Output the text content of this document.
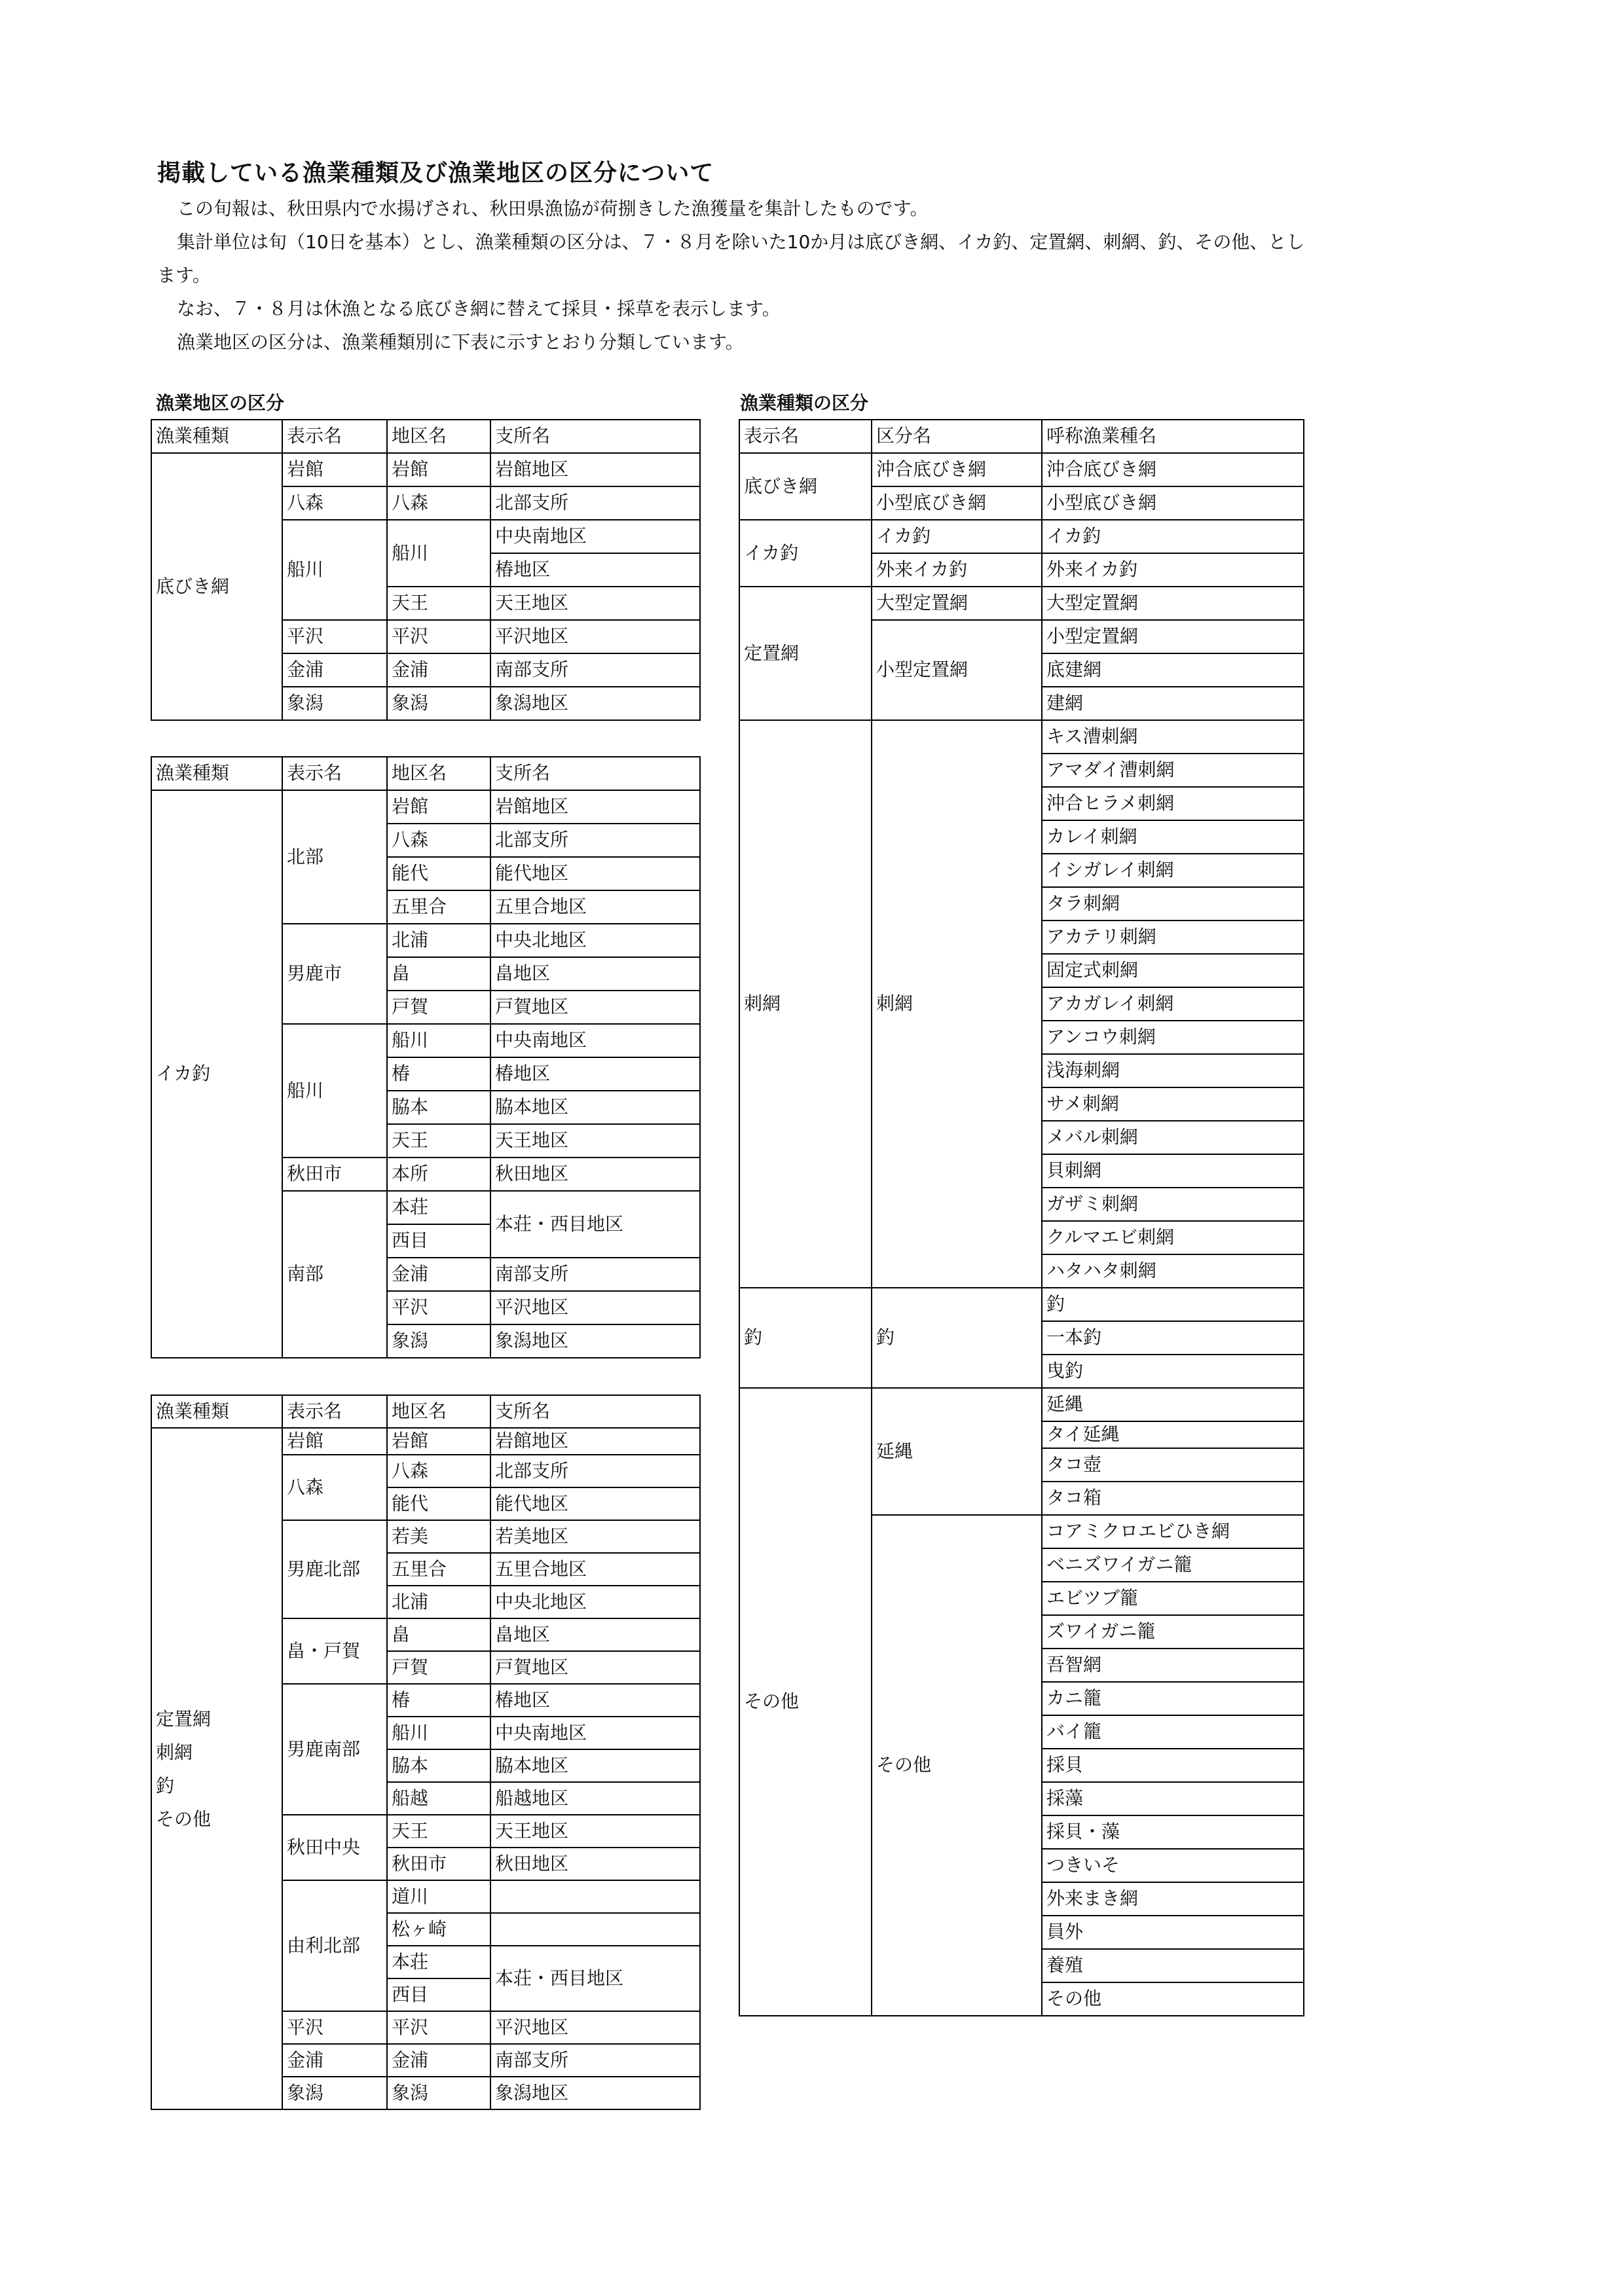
掲載している漁業種類及び漁業地区の区分について

この旬報は、秋田県内で水揚げされ、秋田県漁協が荷捌きした漁獲量を集計したものです。

集計単位は旬（10日を基本）とし、漁業種類の区分は、７・８月を除いた10か月は底びき網、イカ釣、定置網、刺網、釣、その他、とします。

なお、７・８月は休漁となる底びき網に替えて採貝・採草を表示します。

漁業地区の区分は、漁業種類別に下表に示すとおり分類しています。

漁業地区の区分	漁業種類の区分
漁業種類	表示名	地区名	支所名
底びき網	岩館	岩館	岩館地区
	八森	八森	北部支所
	船川	船川	中央南地区
			椿地区
		天王	天王地区
	平沢	平沢	平沢地区
	金浦	金浦	南部支所
	象潟	象潟	象潟地区
漁業種類	表示名	地区名	支所名
イカ釣	北部	岩館	岩館地区
		八森	北部支所
		能代	能代地区
		五里合	五里合地区
	男鹿市	北浦	中央北地区
		畠	畠地区
		戸賀	戸賀地区
	船川	船川	中央南地区
		椿	椿地区
		脇本	脇本地区
		天王	天王地区
	秋田市	本所	秋田地区
	南部	本荘	本荘・西目地区
		西目	
		金浦	南部支所
		平沢	平沢地区
		象潟	象潟地区
漁業種類	表示名	地区名	支所名

定置網
刺網
釣
その他	岩館	岩館	岩館地区
	八森	八森	北部支所
		能代	能代地区
	男鹿北部	若美	若美地区
		五里合	五里合地区
		北浦	中央北地区
	畠・戸賀	畠	畠地区
		戸賀	戸賀地区
	男鹿南部	椿	椿地区
		船川	中央南地区
		脇本	脇本地区
		船越	船越地区
	秋田中央	天王	天王地区
		秋田市	秋田地区
	由利北部	道川	
		松ヶ崎	
		本荘	本荘・西目地区
		西目	
	平沢	平沢	平沢地区
	金浦	金浦	南部支所
	象潟	象潟	象潟地区
表示名	区分名	呼称漁業種名
底びき網	沖合底びき網	沖合底びき網
	小型底びき網	小型底びき網
イカ釣	イカ釣	イカ釣
	外来イカ釣	外来イカ釣
定置網	大型定置網	大型定置網
	小型定置網	小型定置網
		底建網
		建網
刺網	刺網	キス漕刺網
		アマダイ漕刺網
		沖合ヒラメ刺網
		カレイ刺網
		イシガレイ刺網
		タラ刺網
		アカテリ刺網
		固定式刺網
		アカガレイ刺網
		アンコウ刺網
		浅海刺網
		サメ刺網
		メバル刺網
		貝刺網
		ガザミ刺網
		クルマエビ刺網
		ハタハタ刺網
釣	釣	釣
		一本釣
		曳釣
その他	延縄	延縄
		タイ延縄
		タコ壺
		タコ箱
	その他	コアミクロエビひき網
		ベニズワイガニ籠
		エビツブ籠
		ズワイガニ籠
		吾智網
		カニ籠
		バイ籠
		採貝
		採藻
		採貝・藻
		つきいそ
		外来まき網
		員外
		養殖
		その他
